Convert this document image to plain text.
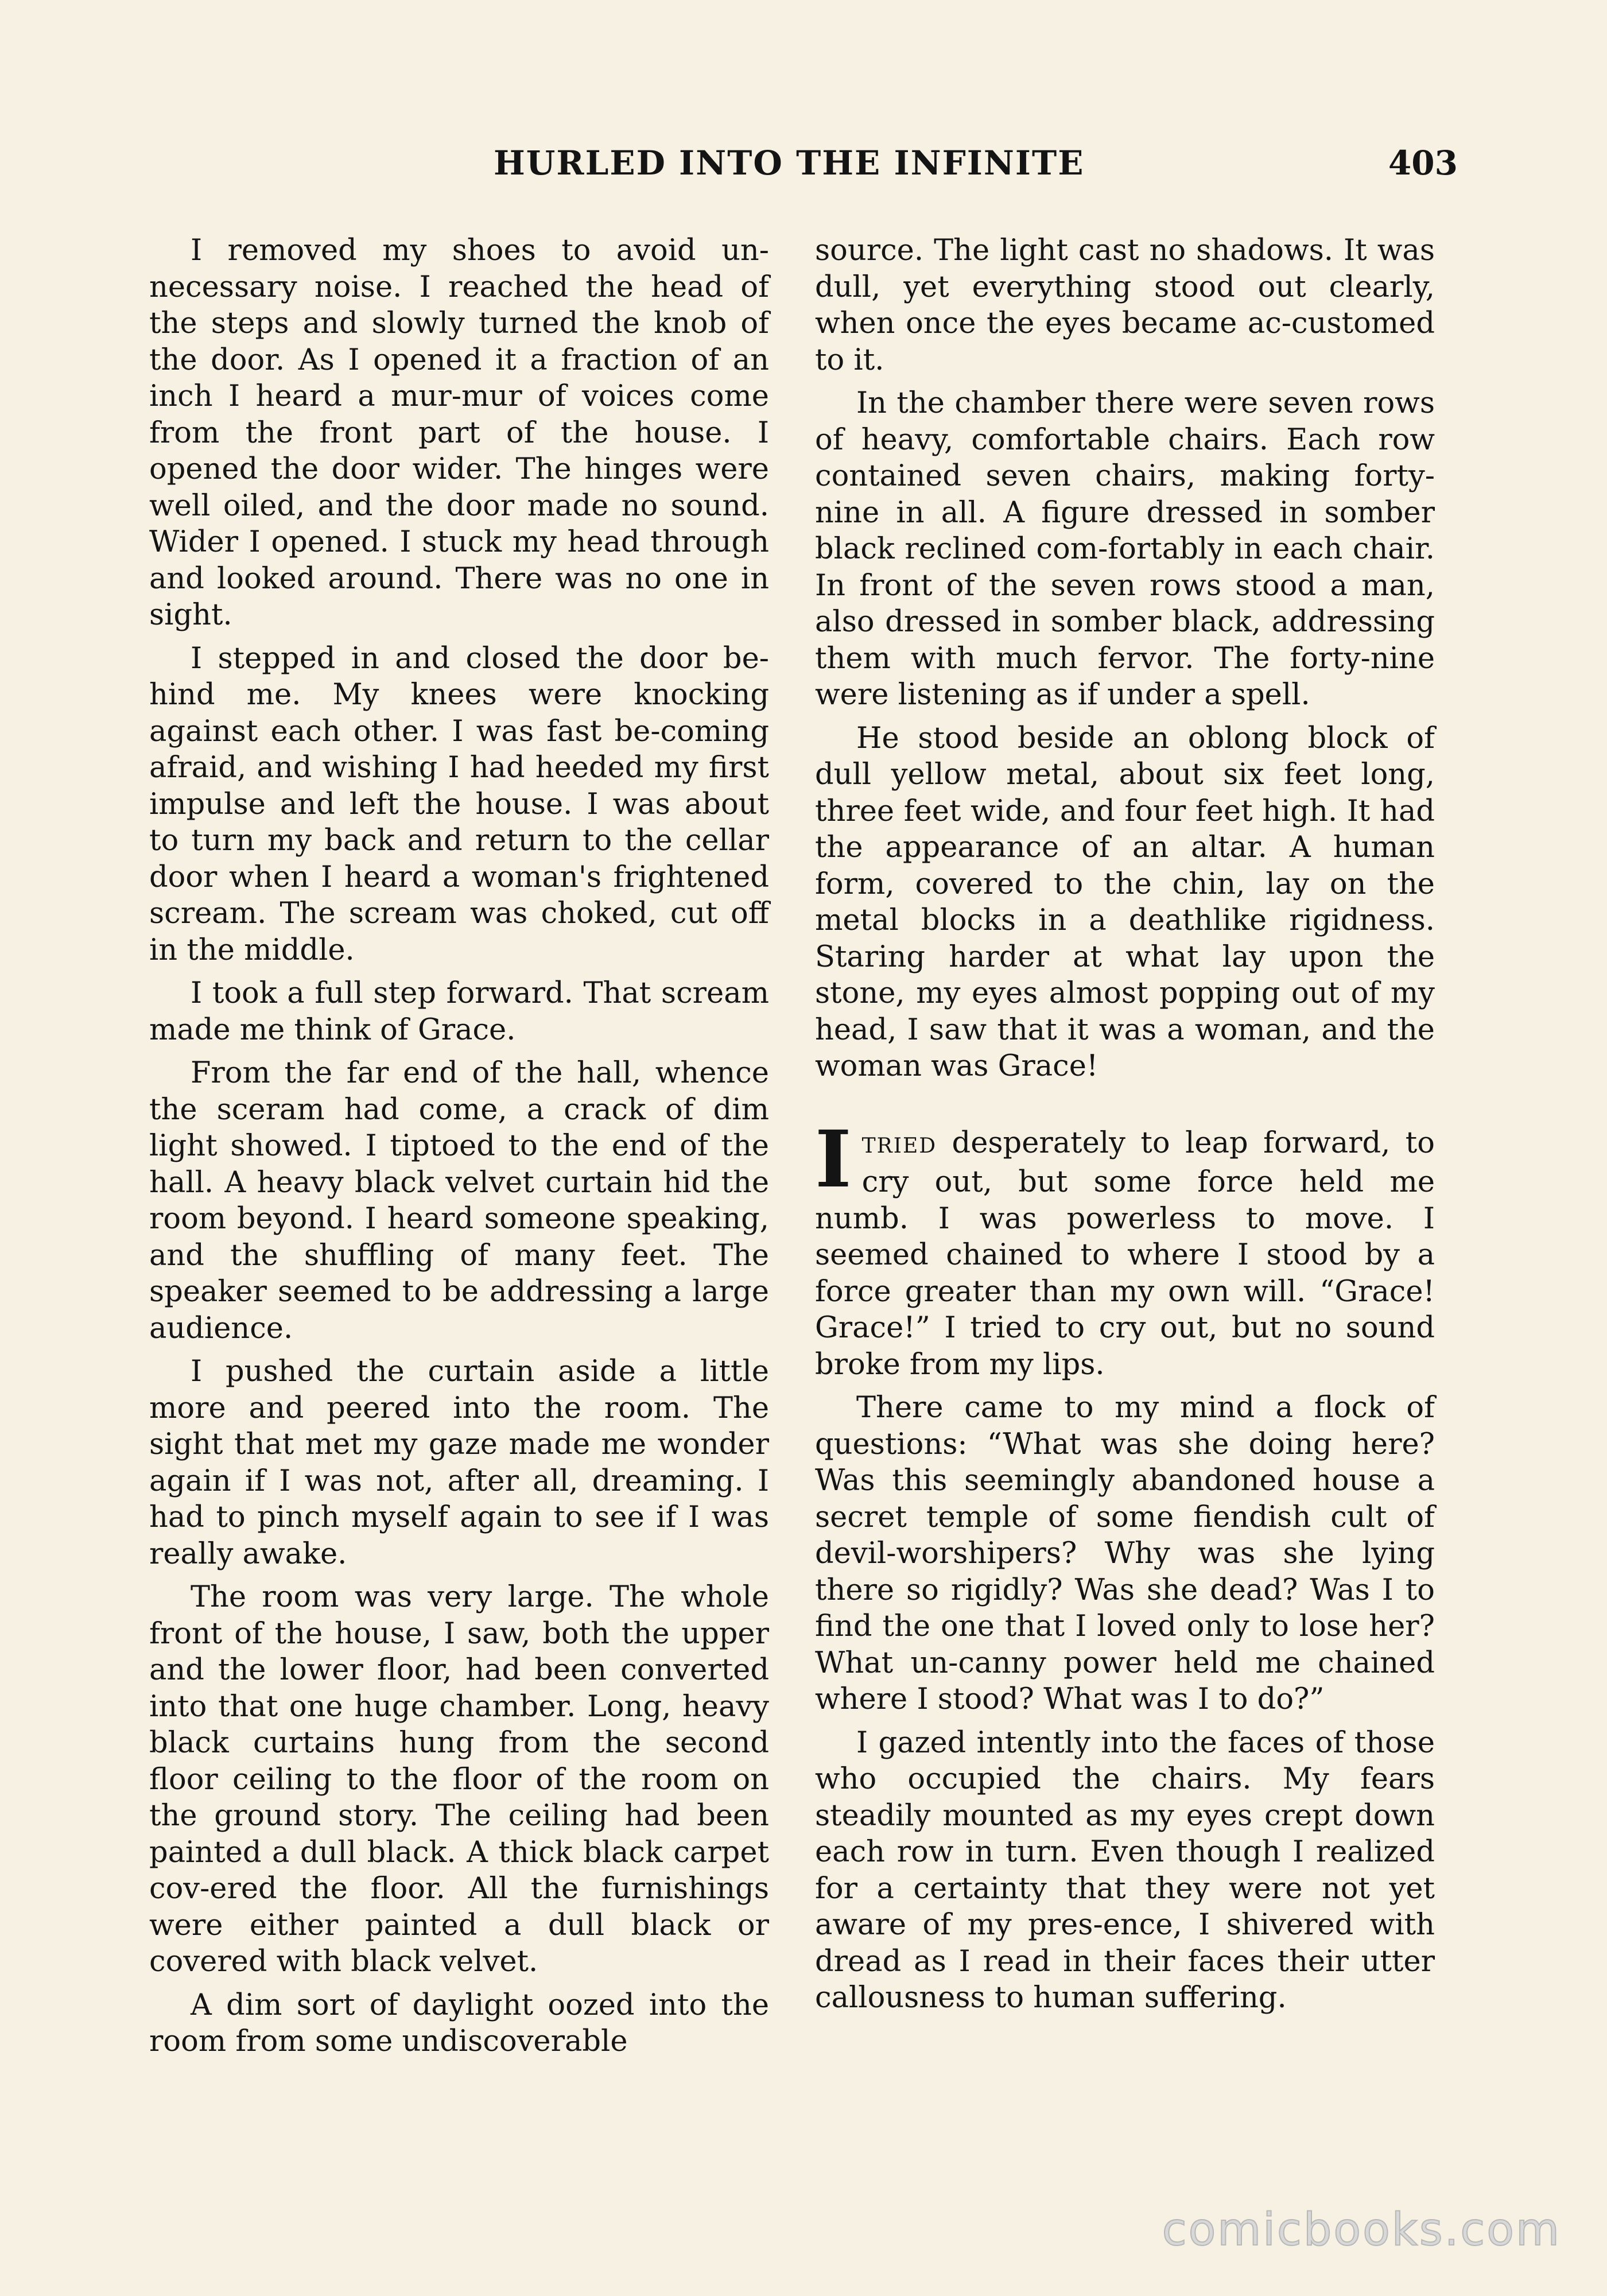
HURLED INTO THE INFINITE	403

I removed my shoes to avoid un-necessary noise. I reached the head of the steps and slowly turned the knob of the door. As I opened it a fraction of an inch I heard a mur-mur of voices come from the front part of the house. I opened the door wider. The hinges were well oiled, and the door made no sound. Wider I opened. I stuck my head through and looked around. There was no one in sight.

I stepped in and closed the door be-hind me. My knees were knocking against each other. I was fast be-coming afraid, and wishing I had heeded my first impulse and left the house. I was about to turn my back and return to the cellar door when I heard a woman's frightened scream. The scream was choked, cut off in the middle.

I took a full step forward. That scream made me think of Grace.

From the far end of the hall, whence the sceram had come, a crack of dim light showed. I tiptoed to the end of the hall. A heavy black velvet curtain hid the room beyond. I heard someone speaking, and the shuffling of many feet. The speaker seemed to be addressing a large audience.

I pushed the curtain aside a little more and peered into the room. The sight that met my gaze made me wonder again if I was not, after all, dreaming. I had to pinch myself again to see if I was really awake.

The room was very large. The whole front of the house, I saw, both the upper and the lower floor, had been converted into that one huge chamber. Long, heavy black curtains hung from the second floor ceiling to the floor of the room on the ground story. The ceiling had been painted a dull black. A thick black carpet cov-ered the floor. All the furnishings were either painted a dull black or covered with black velvet.

A dim sort of daylight oozed into the room from some undiscoverable

source. The light cast no shadows. It was dull, yet everything stood out clearly, when once the eyes became ac-customed to it.

In the chamber there were seven rows of heavy, comfortable chairs. Each row contained seven chairs, making forty-nine in all. A figure dressed in somber black reclined com-fortably in each chair. In front of the seven rows stood a man, also dressed in somber black, addressing them with much fervor. The forty-nine were listening as if under a spell.

He stood beside an oblong block of dull yellow metal, about six feet long, three feet wide, and four feet high. It had the appearance of an altar. A human form, covered to the chin, lay on the metal blocks in a deathlike rigidness. Staring harder at what lay upon the stone, my eyes almost popping out of my head, I saw that it was a woman, and the woman was Grace!

ITRIED desperately to leap forward, to cry out, but some force held me numb. I was powerless to move. I seemed chained to where I stood by a force greater than my own will. “Grace! Grace!” I tried to cry out, but no sound broke from my lips.

There came to my mind a flock of questions: “What was she doing here? Was this seemingly abandoned house a secret temple of some fiendish cult of devil-worshipers? Why was she lying there so rigidly? Was she dead? Was I to find the one that I loved only to lose her? What un-canny power held me chained where I stood? What was I to do?”

I gazed intently into the faces of those who occupied the chairs. My fears steadily mounted as my eyes crept down each row in turn. Even though I realized for a certainty that they were not yet aware of my pres-ence, I shivered with dread as I read in their faces their utter callousness to human suffering.

comicbooks.com
